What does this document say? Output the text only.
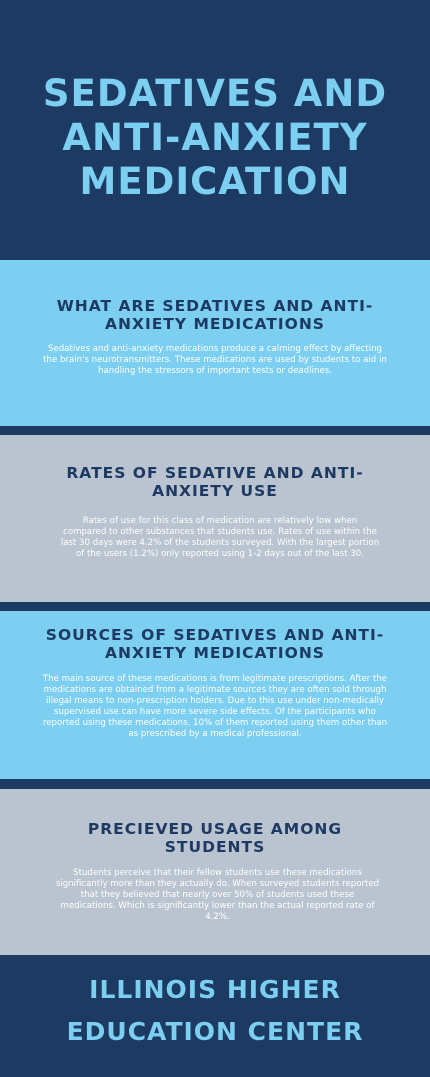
SEDATIVES AND ANTI-ANXIETY MEDICATION
WHAT ARE SEDATIVES AND ANTI-ANXIETY MEDICATIONS

Sedatives and anti-anxiety medications produce a calming effect by affecting the brain's neurotransmitters. These medications are used by students to aid in handling the stressors of important tests or deadlines.

RATES OF SEDATIVE AND ANTI-ANXIETY USE

Rates of use for this class of medication are relatively low when compared to other substances that students use. Rates of use within the last 30 days were 4.2% of the students surveyed. With the largest portion of the users (1.2%) only reported using 1-2 days out of the last 30.

SOURCES OF SEDATIVES AND ANTI-ANXIETY MEDICATIONS

The main source of these medications is from legitimate prescriptions. After the medications are obtained from a legitimate sources they are often sold through illegal means to non-prescription holders. Due to this use under non-medically supervised use can have more severe side effects. Of the participants who reported using these medications, 10% of them reported using them other than as prescribed by a medical professional.

PRECIEVED USAGE AMONG STUDENTS

Students perceive that their fellow students use these medications significantly more than they actually do. When surveyed students reported that they believed that nearly over 50% of students used these medications. Which is significantly lower than the actual reported rate of 4.2%.

ILLINOIS HIGHER EDUCATION CENTER
